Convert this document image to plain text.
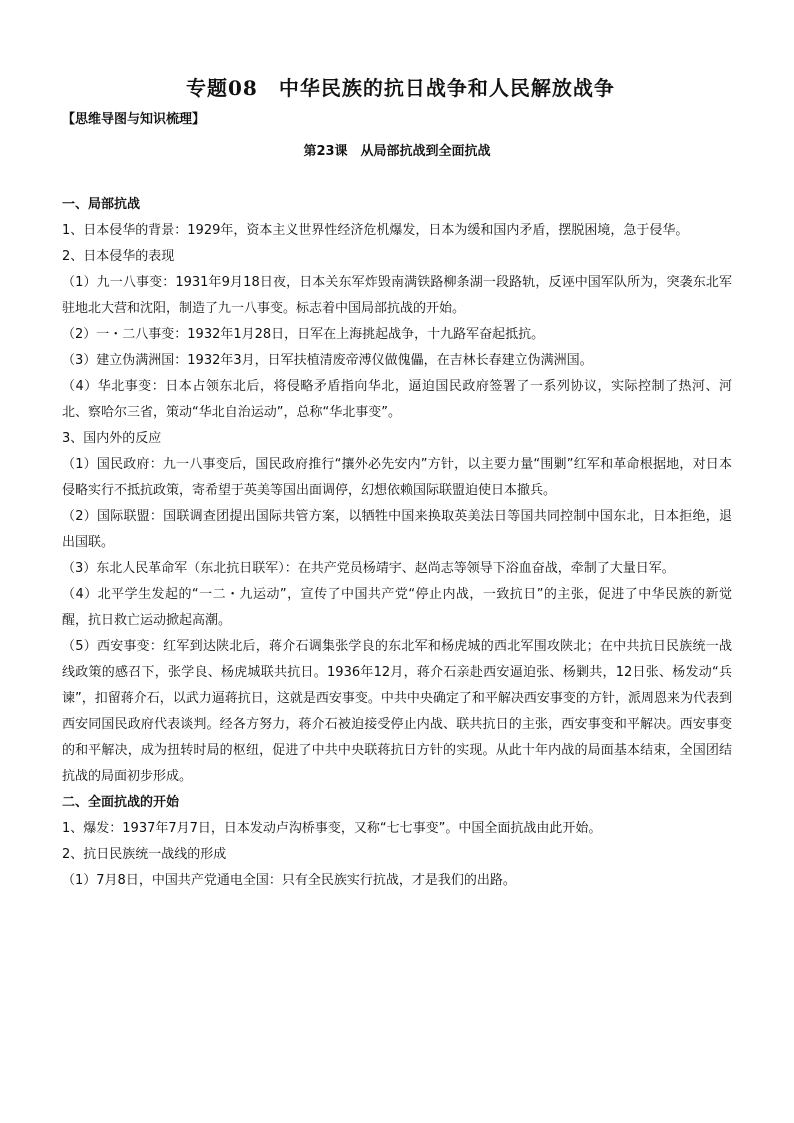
专题08　中华民族的抗日战争和人民解放战争
【思维导图与知识梳理】
第23课　从局部抗战到全面抗战
一、局部抗战
1、日本侵华的背景：1929年，资本主义世界性经济危机爆发，日本为缓和国内矛盾，摆脱困境，急于侵华。
2、日本侵华的表现
（1）九一八事变：1931年9月18日夜，日本关东军炸毁南满铁路柳条湖一段路轨，反诬中国军队所为，突袭东北军驻地北大营和沈阳，制造了九一八事变。标志着中国局部抗战的开始。
（2）一・二八事变：1932年1月28日，日军在上海挑起战争，十九路军奋起抵抗。
（3）建立伪满洲国：1932年3月，日军扶植清废帝溥仪做傀儡，在吉林长春建立伪满洲国。
（4）华北事变：日本占领东北后，将侵略矛盾指向华北，逼迫国民政府签署了一系列协议，实际控制了热河、河北、察哈尔三省，策动“华北自治运动”，总称“华北事变”。
3、国内外的反应
（1）国民政府：九一八事变后，国民政府推行“攘外必先安内”方针，以主要力量“围剿”红军和革命根据地，对日本侵略实行不抵抗政策，寄希望于英美等国出面调停，幻想依赖国际联盟迫使日本撤兵。
（2）国际联盟：国联调查团提出国际共管方案，以牺牲中国来换取英美法日等国共同控制中国东北，日本拒绝，退出国联。
（3）东北人民革命军（东北抗日联军）：在共产党员杨靖宇、赵尚志等领导下浴血奋战，牵制了大量日军。
（4）北平学生发起的“一二・九运动”，宣传了中国共产党“停止内战，一致抗日”的主张，促进了中华民族的新觉醒，抗日救亡运动掀起高潮。
（5）西安事变：红军到达陕北后，蒋介石调集张学良的东北军和杨虎城的西北军围攻陕北；在中共抗日民族统一战线政策的感召下，张学良、杨虎城联共抗日。1936年12月，蒋介石亲赴西安逼迫张、杨剿共，12日张、杨发动“兵谏”，扣留蒋介石，以武力逼蒋抗日，这就是西安事变。中共中央确定了和平解决西安事变的方针，派周恩来为代表到西安同国民政府代表谈判。经各方努力，蒋介石被迫接受停止内战、联共抗日的主张，西安事变和平解决。西安事变的和平解决，成为扭转时局的枢纽，促进了中共中央联蒋抗日方针的实现。从此十年内战的局面基本结束，全国团结抗战的局面初步形成。
二、全面抗战的开始
1、爆发：1937年7月7日，日本发动卢沟桥事变，又称“七七事变”。中国全面抗战由此开始。
2、抗日民族统一战线的形成
（1）7月8日，中国共产党通电全国：只有全民族实行抗战，才是我们的出路。
